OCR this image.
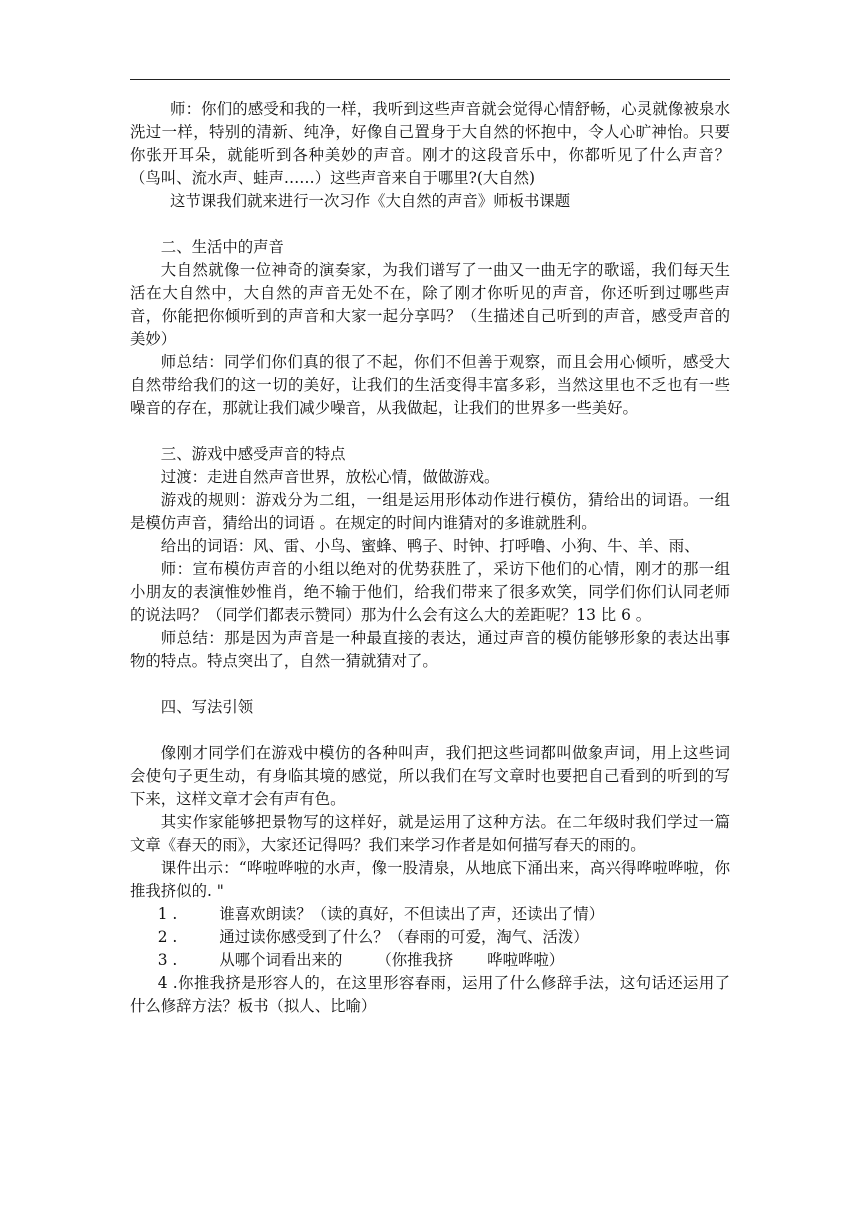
师：你们的感受和我的一样，我听到这些声音就会觉得心情舒畅，心灵就像被泉水洗过一样，特别的清新、纯净，好像自己置身于大自然的怀抱中，令人心旷神怡。只要你张开耳朵，就能听到各种美妙的声音。刚才的这段音乐中，你都听见了什么声音？（鸟叫、流水声、蛙声……）这些声音来自于哪里?(大自然)

这节课我们就来进行一次习作《大自然的声音》师板书课题

二、生活中的声音

大自然就像一位神奇的演奏家，为我们谱写了一曲又一曲无字的歌谣，我们每天生活在大自然中，大自然的声音无处不在，除了刚才你听见的声音，你还听到过哪些声音，你能把你倾听到的声音和大家一起分享吗？（生描述自己听到的声音，感受声音的美妙）

师总结：同学们你们真的很了不起，你们不但善于观察，而且会用心倾听，感受大自然带给我们的这一切的美好，让我们的生活变得丰富多彩，当然这里也不乏也有一些噪音的存在，那就让我们减少噪音，从我做起，让我们的世界多一些美好。

三、游戏中感受声音的特点

过渡：走进自然声音世界，放松心情，做做游戏。

游戏的规则：游戏分为二组，一组是运用形体动作进行模仿，猜给出的词语。一组是模仿声音，猜给出的词语 。在规定的时间内谁猜对的多谁就胜利。

给出的词语：风、雷、小鸟、蜜蜂、鸭子、时钟、打呼噜、小狗、牛、羊、雨、

师：宣布模仿声音的小组以绝对的优势获胜了，采访下他们的心情，刚才的那一组小朋友的表演惟妙惟肖，绝不输于他们，给我们带来了很多欢笑，同学们你们认同老师的说法吗？（同学们都表示赞同）那为什么会有这么大的差距呢？13 比 6 。

师总结：那是因为声音是一种最直接的表达，通过声音的模仿能够形象的表达出事物的特点。特点突出了，自然一猜就猜对了。

四、写法引领

像刚才同学们在游戏中模仿的各种叫声，我们把这些词都叫做象声词，用上这些词会使句子更生动，有身临其境的感觉，所以我们在写文章时也要把自己看到的听到的写下来，这样文章才会有声有色。

其实作家能够把景物写的这样好，就是运用了这种方法。在二年级时我们学过一篇文章《春天的雨》，大家还记得吗？我们来学习作者是如何描写春天的雨的。

课件出示：“哗啦哗啦的水声，像一股清泉，从地底下涌出来，高兴得哗啦哗啦，你推我挤似的. "

1 .	谁喜欢朗读？（读的真好，不但读出了声，还读出了情）
2 .	通过读你感受到了什么？（春雨的可爱，淘气、活泼）
3 .	从哪个词看出来的 （你推我挤 哗啦哗啦）

4 .你推我挤是形容人的，在这里形容春雨，运用了什么修辞手法，这句话还运用了什么修辞方法？板书（拟人、比喻）
